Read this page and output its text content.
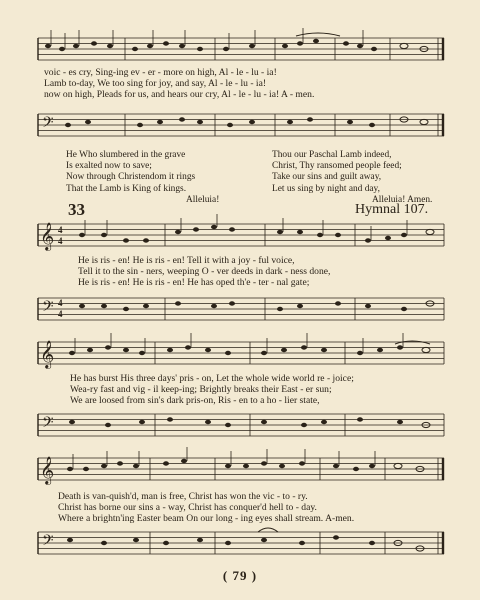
voic - es cry, Sing-ing ev - er - more on high, Al - le - lu - ia!
Lamb to-day, We too sing for joy, and say, Al - le - lu - ia!
now on high, Pleads for us, and hears our cry, Al - le - lu - ia! A - men.
𝄢
He Who slumbered in the grave
Is exalted now to save;
Now through Christendom it rings
That the Lamb is King of kings.
Alleluia!
Thou our Paschal Lamb indeed,
Christ, Thy ransomed people feed;
Take our sins and guilt away,
Let us sing by night and day,
Alleluia! Amen.
33	Hymnal 107.
𝄞 4
4
He is ris - en! He is ris - en! Tell it with a joy - ful voice,
Tell it to the sin - ners, weeping O - ver deeds in dark - ness done,
He is ris - en! He is ris - en! He has oped th'e - ter - nal gate;
𝄢 4
4
𝄞
He has burst His three days' pris - on, Let the whole wide world re - joice;
Wea-ry fast and vig - il keep-ing; Brightly breaks their East - er sun;
We are loosed from sin's dark pris-on, Ris - en to a ho - lier state,
𝄢
𝄞
Death is van-quish'd, man is free, Christ has won the vic - to - ry.
Christ has borne our sins a - way, Christ has conquer'd hell to - day.
Where a brightn'ing Easter beam On our long - ing eyes shall stream. A-men.
𝄢
( 79 )
